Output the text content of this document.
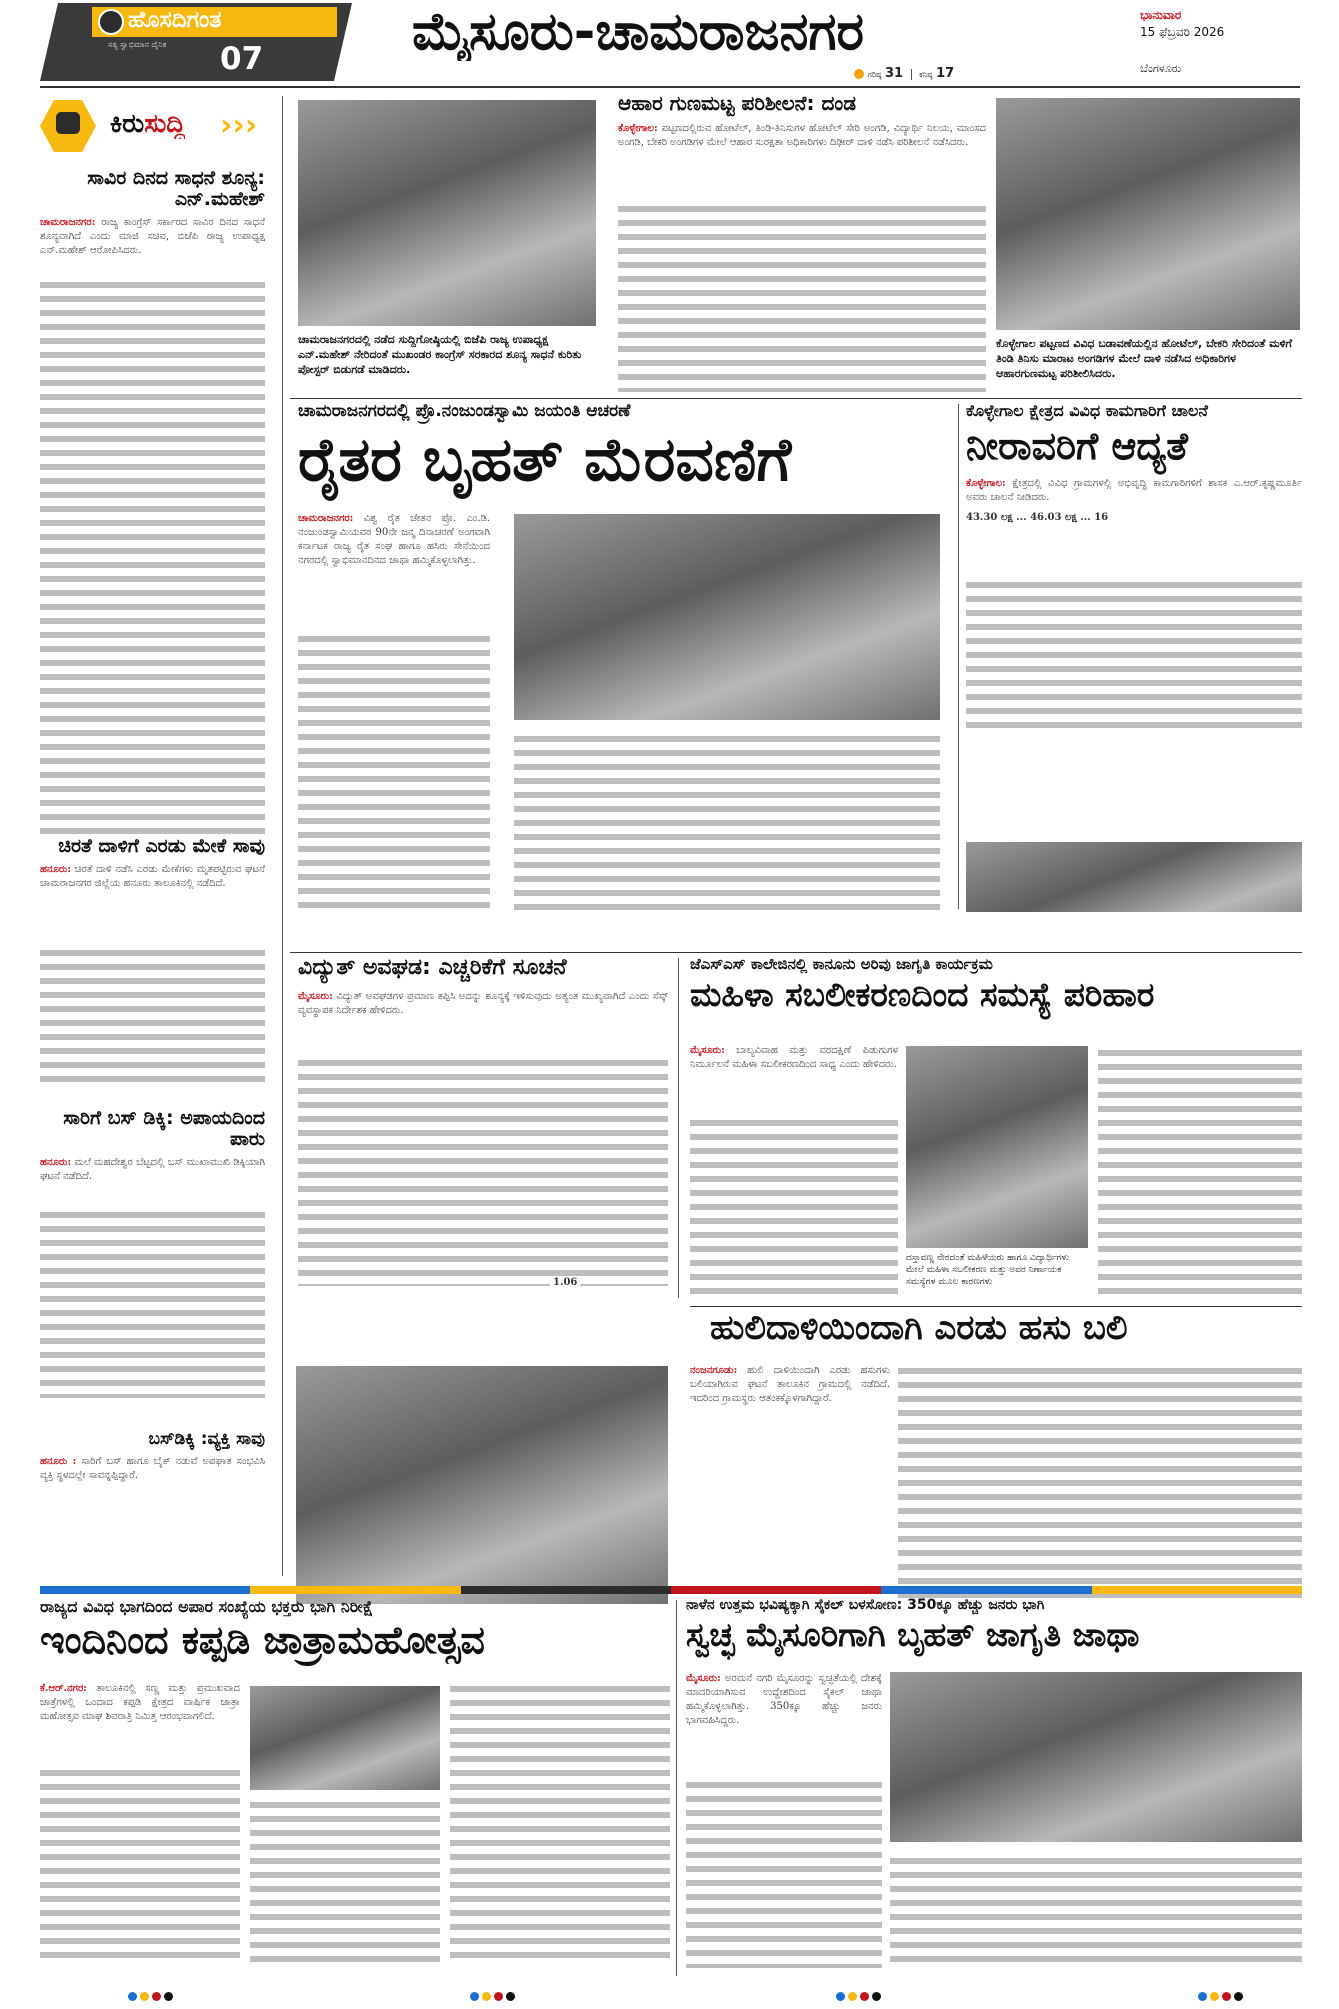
ಹೊಸದಿಗಂತ
ಸತ್ಯ ಸ್ವಾಭಿಮಾನ ದೈನಿಕ 07	ಮೈಸೂರು-ಚಾಮರಾಜನಗರ
ಗರಿಷ್ಠ 31 ಕನಿಷ್ಠ 17
ಭಾನುವಾರ
15 ಫೆಬ್ರವರಿ 2026
ಬೆಂಗಳೂರು
ಕಿರುಸುದ್ದಿ ›››
ಸಾವಿರ ದಿನದ ಸಾಧನೆ ಶೂನ್ಯ: ಎನ್.ಮಹೇಶ್
ಚಾಮರಾಜನಗರ: ರಾಜ್ಯ ಕಾಂಗ್ರೆಸ್ ಸರ್ಕಾರದ ಸಾವಿರ ದಿನದ ಸಾಧನೆ ಶೂನ್ಯವಾಗಿದೆ ಎಂದು ಮಾಜಿ ಸಚಿವ, ಬಿಜೆಪಿ ರಾಜ್ಯ ಉಪಾಧ್ಯಕ್ಷ ಎನ್.ಮಹೇಶ್ ಆರೋಪಿಸಿದರು.
ಚಿರತೆ ದಾಳಿಗೆ ಎರಡು ಮೇಕೆ ಸಾವು
ಹನೂರು: ಚಿರತೆ ದಾಳಿ ನಡೆಸಿ ಎರಡು ಮೇಕೆಗಳು ಮೃತಪಟ್ಟಿರುವ ಘಟನೆ ಚಾಮರಾಜನಗರ ಜಿಲ್ಲೆಯ ಹನೂರು ತಾಲೂಕಿನಲ್ಲಿ ನಡೆದಿದೆ.
ಸಾರಿಗೆ ಬಸ್ ಡಿಕ್ಕಿ: ಅಪಾಯದಿಂದ ಪಾರು
ಹನೂರು: ಮಲೆ ಮಹದೇಶ್ವರ ಬೆಟ್ಟದಲ್ಲಿ ಬಸ್ ಮುಖಾಮುಖಿ ಡಿಕ್ಕಿಯಾಗಿ ಘಟನೆ ನಡೆದಿದೆ.
ಬಸ್‌ಡಿಕ್ಕಿ :ವ್ಯಕ್ತಿ ಸಾವು
ಹನೂರು : ಸಾರಿಗೆ ಬಸ್ ಹಾಗೂ ಬೈಕ್ ನಡುವೆ ಅಪಘಾತ ಸಂಭವಿಸಿ ವ್ಯಕ್ತಿ ಸ್ಥಳದಲ್ಲೇ ಸಾವನ್ನಪ್ಪಿದ್ದಾರೆ.
ಚಾಮರಾಜನಗರದಲ್ಲಿ ನಡೆದ ಸುದ್ದಿಗೋಷ್ಠಿಯಲ್ಲಿ ಬಿಜೆಪಿ ರಾಜ್ಯ ಉಪಾಧ್ಯಕ್ಷ ಎನ್.ಮಹೇಶ್ ನೇರಿದಂತೆ ಮುಖಂಡರ ಕಾಂಗ್ರೆಸ್ ಸರಕಾರದ ಶೂನ್ಯ ಸಾಧನೆ ಕುರಿತು ಪೋಸ್ಟರ್ ಬಿಡುಗಡೆ ಮಾಡಿದರು.
ಆಹಾರ ಗುಣಮಟ್ಟ ಪರಿಶೀಲನೆ: ದಂಡ
ಕೊಳ್ಳೇಗಾಲ: ಪಟ್ಟಣದಲ್ಲಿರುವ ಹೋಟೆಲ್, ತಿಂಡಿ-ತಿನಿಸುಗಳ ಹೋಟೆಲ್ ಸೇರಿ ಅಂಗಡಿ, ವಿದ್ಯಾರ್ಥಿ ನಿಲಯ, ಮಾಂಸದ ಅಂಗಡಿ, ಬೇಕರಿ ಅಂಗಡಿಗಳ ಮೇಲೆ ಆಹಾರ ಸುರಕ್ಷತಾ ಅಧಿಕಾರಿಗಳು ದಿಢೀರ್ ದಾಳಿ ನಡೆಸಿ ಪರಿಶೀಲನೆ ನಡೆಸಿದರು.
ಕೊಳ್ಳೇಗಾಲ ಪಟ್ಟಣದ ವಿವಿಧ ಬಡಾವಣೆಯಲ್ಲಿನ ಹೋಟೆಲ್, ಬೇಕರಿ ಸೇರಿದಂತೆ ಮಳಿಗೆ ತಿಂಡಿ ತಿನಿಸು ಮಾರಾಟ ಅಂಗಡಿಗಳ ಮೇಲೆ ದಾಳಿ ನಡೆಸಿದ ಅಧಿಕಾರಿಗಳ ಆಹಾರಗುಣಮಟ್ಟ ಪರಿಶೀಲಿಸಿದರು.
ಚಾಮರಾಜನಗರದಲ್ಲಿ ಪ್ರೊ.ನಂಜುಂಡಸ್ವಾಮಿ ಜಯಂತಿ ಆಚರಣೆ
ರೈತರ ಬೃಹತ್ ಮೆರವಣಿಗೆ
ಚಾಮರಾಜನಗರ: ವಿಶ್ವ ರೈತ ಚೇತನ ಪ್ರೊ. ಎಂ.ಡಿ. ನಂಜುಂಡಸ್ವಾಮಿಯವರ 90ನೇ ಜನ್ಮ ದಿನಾಚರಣೆ ಅಂಗವಾಗಿ ಕರ್ನಾಟಕ ರಾಜ್ಯ ರೈತ ಸಂಘ ಹಾಗೂ ಹಸಿರು ಸೇನೆಯಿಂದ ನಗರದಲ್ಲಿ ಸ್ವಾಭಿಮಾನದಿನದ ಜಾಥಾ ಹಮ್ಮಿಕೊಳ್ಳಲಾಗಿತ್ತು.
ಕೊಳ್ಳೇಗಾಲ ಕ್ಷೇತ್ರದ ವಿವಿಧ ಕಾಮಗಾರಿಗೆ ಚಾಲನೆ
ನೀರಾವರಿಗೆ ಆದ್ಯತೆ
ಕೊಳ್ಳೇಗಾಲ: ಕ್ಷೇತ್ರದಲ್ಲಿ ವಿವಿಧ ಗ್ರಾಮಗಳಲ್ಲಿ ಅಭಿವೃದ್ಧಿ ಕಾಮಗಾರಿಗಳಿಗೆ ಶಾಸಕ ಎ.ಆರ್.ಕೃಷ್ಣಮೂರ್ತಿ ಅವರು ಚಾಲನೆ ನೀಡಿದರು.
43.30 ಲಕ್ಷ ... 46.03 ಲಕ್ಷ ... 16
ವಿದ್ಯುತ್ ಅವಘಡ: ಎಚ್ಚರಿಕೆಗೆ ಸೂಚನೆ
ಮೈಸೂರು: ವಿದ್ಯುತ್ ಅವಘಡಗಳ ಪ್ರಮಾಣ ತಪ್ಪಿಸಿ ಅದನ್ನು ಶೂನ್ಯಕ್ಕೆ ಇಳಿಸುವುದು ಅತ್ಯಂತ ಮುಖ್ಯವಾಗಿದೆ ಎಂದು ಸೆಸ್ಕ್ ವ್ಯವಸ್ಥಾಪಕ ನಿರ್ದೇಶಕ ಹೇಳಿದರು.
1.06
ಜೆಎಸ್‌ಎಸ್ ಕಾಲೇಜಿನಲ್ಲಿ ಕಾನೂನು ಅರಿವು ಜಾಗೃತಿ ಕಾರ್ಯಕ್ರಮ
ಮಹಿಳಾ ಸಬಲೀಕರಣದಿಂದ ಸಮಸ್ಯೆ ಪರಿಹಾರ
ಮೈಸೂರು: ಬಾಲ್ಯವಿವಾಹ ಮತ್ತು ವರದಕ್ಷಿಣೆ ಪಿಡುಗುಗಳ ನಿರ್ಮೂಲನೆ ಮಹಿಳಾ ಸಬಲೀಕರಣದಿಂದ ಸಾಧ್ಯ ಎಂದು ಹೇಳಿದರು.
ದಸ್ತಾವಣ್ಣ ನೇರದಂತೆ ಮಹಿಳೆಯರು ಹಾಗೂ ವಿದ್ಯಾರ್ಥಿಗಳು ಮೇಲೆ ಮಹಿಳಾ ಸಬಲೀಕರಣ ಮತ್ತು ಅವರ ನಿರ್ಣಾಯಕ ಸಮಸ್ಯೆಗಳ ಮೂಲ ಕಾರಣಗಳು
ಹುಲಿದಾಳಿಯಿಂದಾಗಿ ಎರಡು ಹಸು ಬಲಿ
ನಂಜನಗೂಡು: ಹುಲಿ ದಾಳಿಯಿಂದಾಗಿ ಎರಡು ಹಸುಗಳು ಬಲಿಯಾಗಿರುವ ಘಟನೆ ತಾಲೂಕಿನ ಗ್ರಾಮದಲ್ಲಿ ನಡೆದಿದೆ. ಇದರಿಂದ ಗ್ರಾಮಸ್ಥರು ಆತಂಕಕ್ಕೊಳಗಾಗಿದ್ದಾರೆ.
ರಾಜ್ಯದ ವಿವಿಧ ಭಾಗದಿಂದ ಅಪಾರ ಸಂಖ್ಯೆಯ ಭಕ್ತರು ಭಾಗಿ ನಿರೀಕ್ಷೆ
ಇಂದಿನಿಂದ ಕಪ್ಪಡಿ ಜಾತ್ರಾಮಹೋತ್ಸವ
ಕೆ.ಆರ್.ನಗರ: ತಾಲೂಕಿನಲ್ಲಿ ಸಣ್ಣ ಮತ್ತು ಪ್ರಮುಖವಾದ ಜಾತ್ರೆಗಳಲ್ಲಿ ಒಂದಾದ ಕಪ್ಪಡಿ ಕ್ಷೇತ್ರದ ವಾರ್ಷಿಕ ಜಾತ್ರಾ ಮಹೋತ್ಸವ ಮಾಘ ಶಿವರಾತ್ರಿ ನಿಮಿತ್ತ ಆರಂಭವಾಗಲಿದೆ.
ನಾಳೆನ ಉತ್ತಮ ಭವಿಷ್ಯಕ್ಕಾಗಿ ಸೈಕಲ್ ಬಳಸೋಣ: 350ಕ್ಕೂ ಹೆಚ್ಚು ಜನರು ಭಾಗಿ
ಸ್ವಚ್ಛ ಮೈಸೂರಿಗಾಗಿ ಬೃಹತ್ ಜಾಗೃತಿ ಜಾಥಾ
ಮೈಸೂರು: ಅರಮನೆ ನಗರಿ ಮೈಸೂರನ್ನು ಸ್ವಚ್ಛತೆಯಲ್ಲಿ ದೇಶಕ್ಕೆ ಮಾದರಿಯಾಗಿಸುವ ಉದ್ದೇಶದಿಂದ ಸೈಕಲ್ ಜಾಥಾ ಹಮ್ಮಿಕೊಳ್ಳಲಾಗಿತ್ತು. 350ಕ್ಕೂ ಹೆಚ್ಚು ಜನರು ಭಾಗವಹಿಸಿದ್ದರು.
